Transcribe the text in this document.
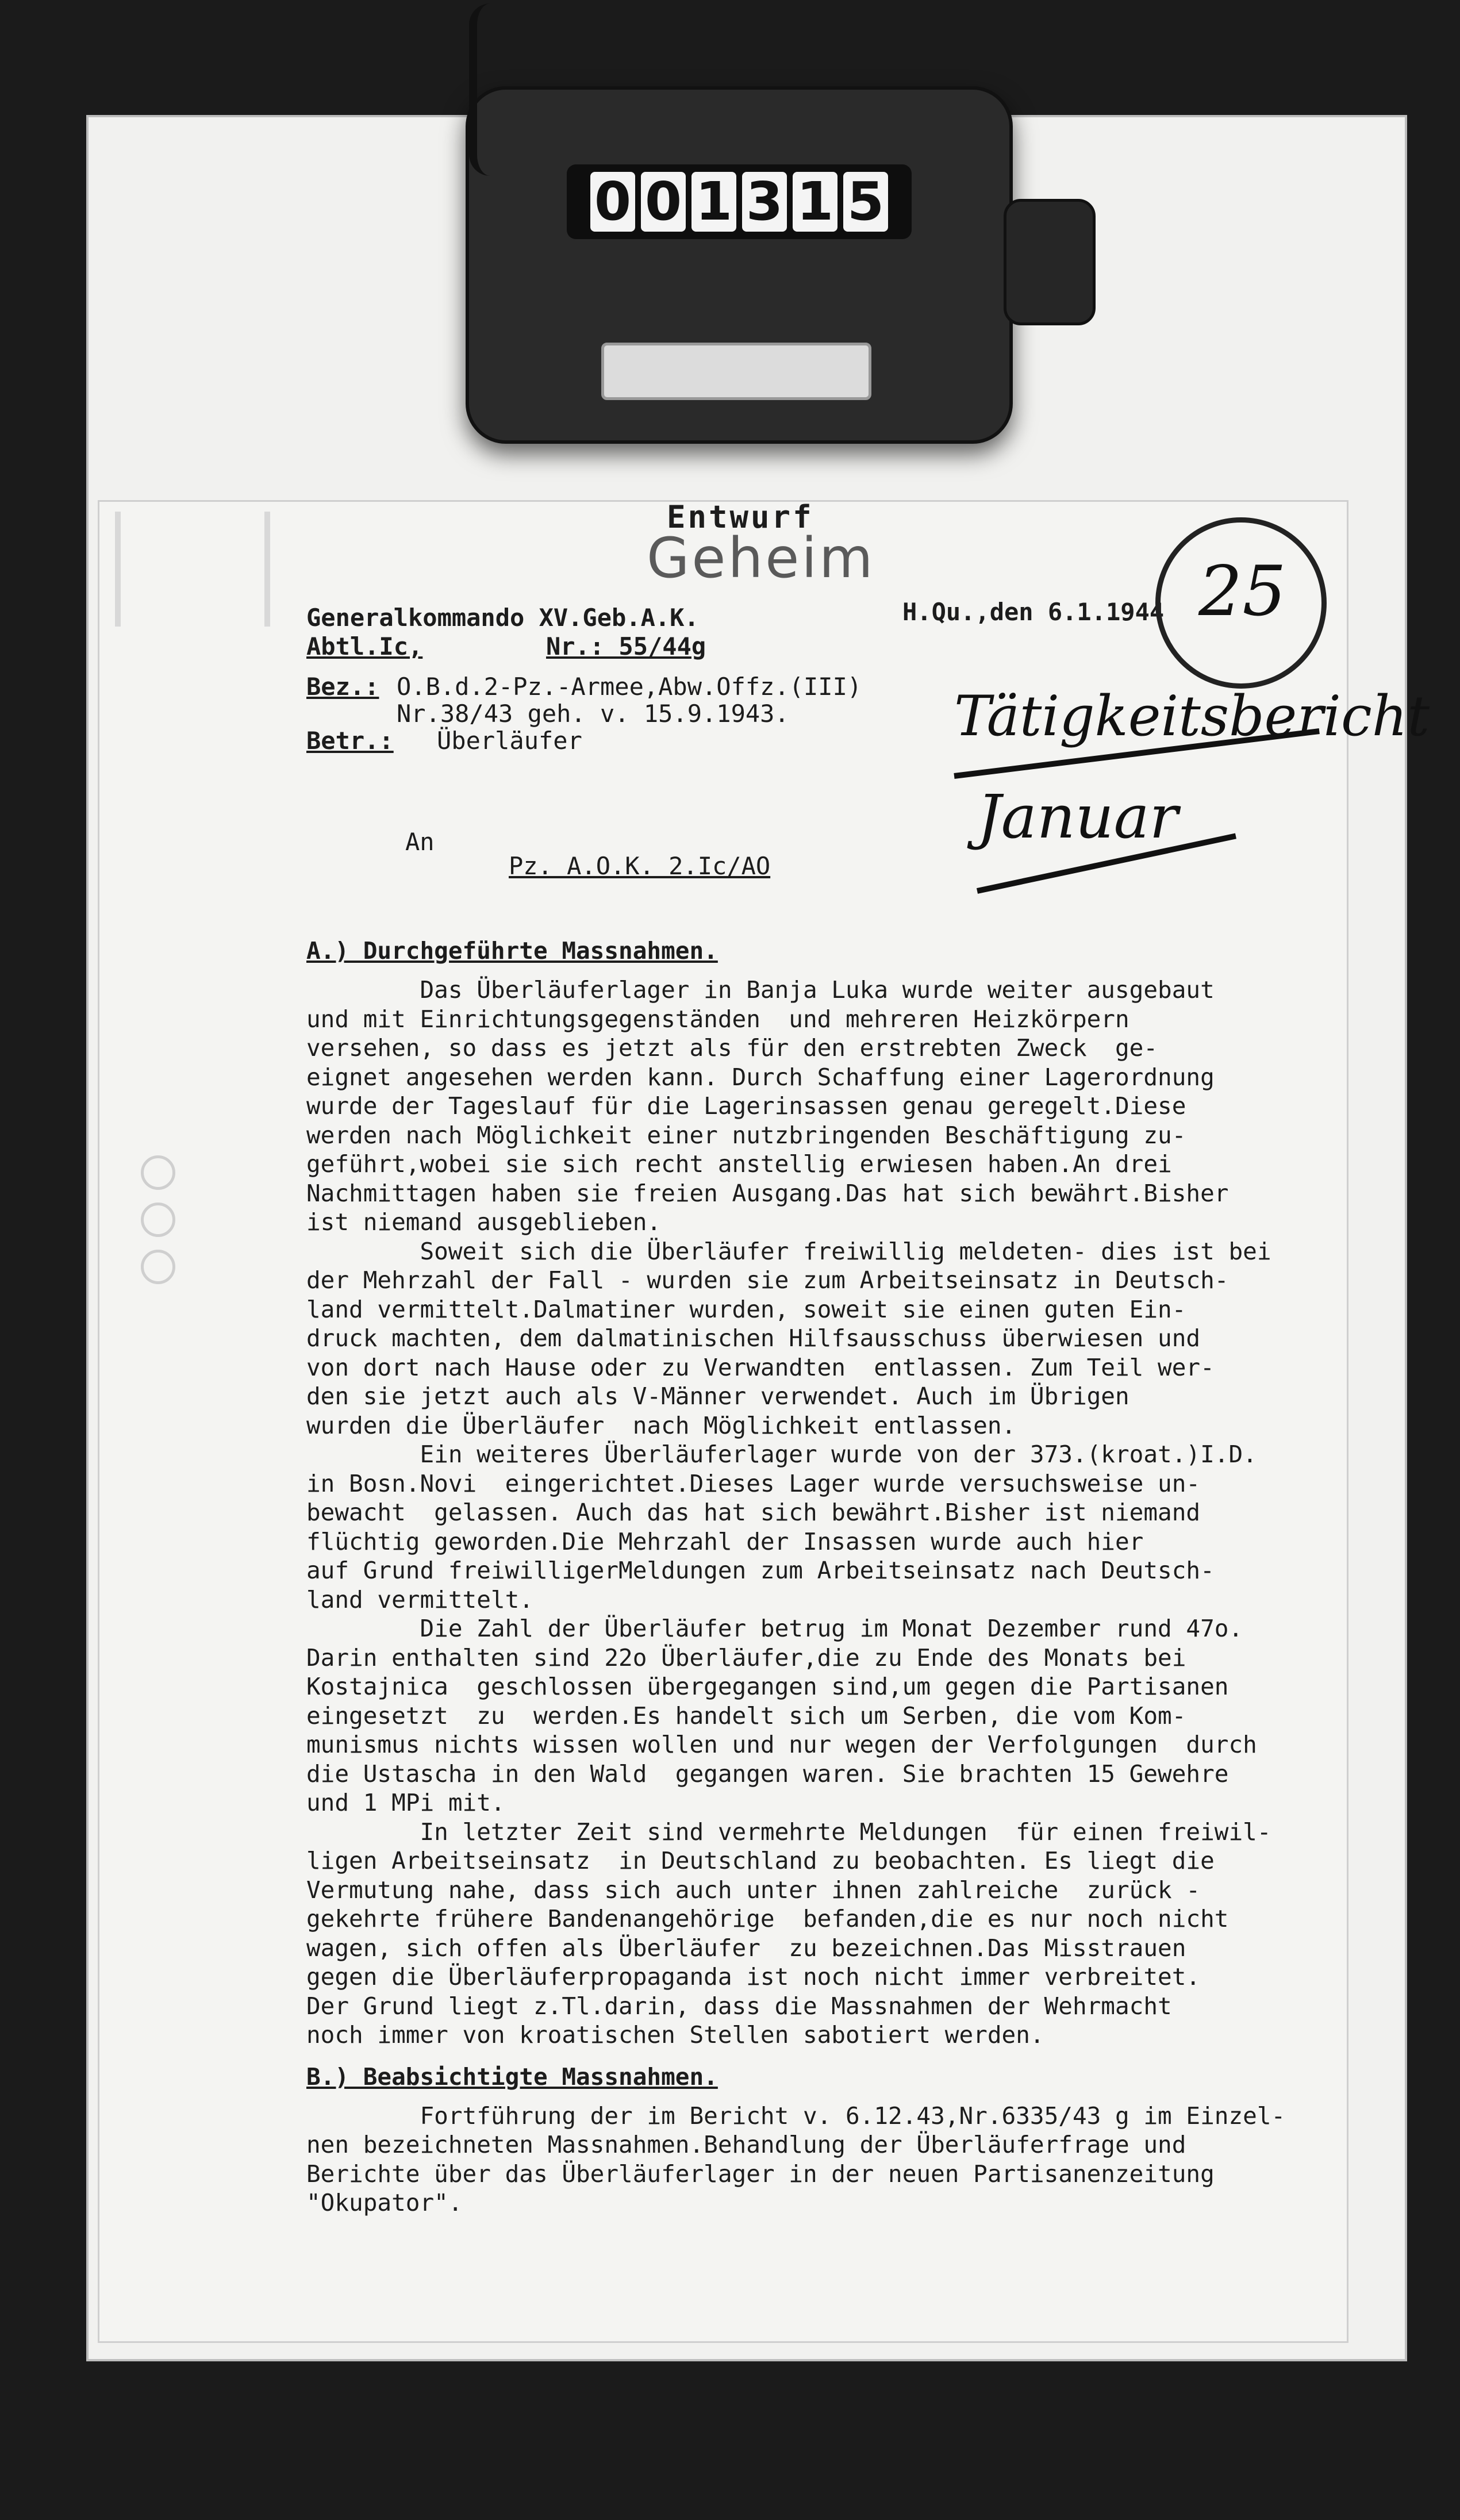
0 0 1 3 1 5
Entwurf
Geheim
Generalkommando XV.Geb.A.K.	H.Qu.,den 6.1.1944
Abtl.Ic,	Nr.: 55/44g
Bez.: O.B.d.2-Pz.-Armee,Abw.Offz.(III)
Nr.38/43 geh. v. 15.9.1943.
Betr.: Überläufer
An
Pz. A.O.K. 2.Ic/AO
25
Tätigkeitsbericht
Januar
A.) Durchgeführte Massnahmen.
Das Überläuferlager in Banja Luka wurde weiter ausgebaut
und mit Einrichtungsgegenständen  und mehreren Heizkörpern
versehen, so dass es jetzt als für den erstrebten Zweck  ge-
eignet angesehen werden kann. Durch Schaffung einer Lagerordnung
wurde der Tageslauf für die Lagerinsassen genau geregelt.Diese
werden nach Möglichkeit einer nutzbringenden Beschäftigung zu-
geführt,wobei sie sich recht anstellig erwiesen haben.An drei
Nachmittagen haben sie freien Ausgang.Das hat sich bewährt.Bisher
ist niemand ausgeblieben.
Soweit sich die Überläufer freiwillig meldeten- dies ist bei
der Mehrzahl der Fall - wurden sie zum Arbeitseinsatz in Deutsch-
land vermittelt.Dalmatiner wurden, soweit sie einen guten Ein-
druck machten, dem dalmatinischen Hilfsausschuss überwiesen und
von dort nach Hause oder zu Verwandten  entlassen. Zum Teil wer-
den sie jetzt auch als V-Männer verwendet. Auch im Übrigen
wurden die Überläufer  nach Möglichkeit entlassen.
Ein weiteres Überläuferlager wurde von der 373.(kroat.)I.D.
in Bosn.Novi  eingerichtet.Dieses Lager wurde versuchsweise un-
bewacht  gelassen. Auch das hat sich bewährt.Bisher ist niemand
flüchtig geworden.Die Mehrzahl der Insassen wurde auch hier
auf Grund freiwilligerMeldungen zum Arbeitseinsatz nach Deutsch-
land vermittelt.
Die Zahl der Überläufer betrug im Monat Dezember rund 47o.
Darin enthalten sind 22o Überläufer,die zu Ende des Monats bei
Kostajnica  geschlossen übergegangen sind,um gegen die Partisanen
eingesetzt  zu  werden.Es handelt sich um Serben, die vom Kom-
munismus nichts wissen wollen und nur wegen der Verfolgungen  durch
die Ustascha in den Wald  gegangen waren. Sie brachten 15 Gewehre
und 1 MPi mit.
In letzter Zeit sind vermehrte Meldungen  für einen freiwil-
ligen Arbeitseinsatz  in Deutschland zu beobachten. Es liegt die
Vermutung nahe, dass sich auch unter ihnen zahlreiche  zurück -
gekehrte frühere Bandenangehörige  befanden,die es nur noch nicht
wagen, sich offen als Überläufer  zu bezeichnen.Das Misstrauen
gegen die Überläuferpropaganda ist noch nicht immer verbreitet.
Der Grund liegt z.Tl.darin, dass die Massnahmen der Wehrmacht
noch immer von kroatischen Stellen sabotiert werden.
B.) Beabsichtigte Massnahmen.
Fortführung der im Bericht v. 6.12.43,Nr.6335/43 g im Einzel-
nen bezeichneten Massnahmen.Behandlung der Überläuferfrage und
Berichte über das Überläuferlager in der neuen Partisanenzeitung
"Okupator".
